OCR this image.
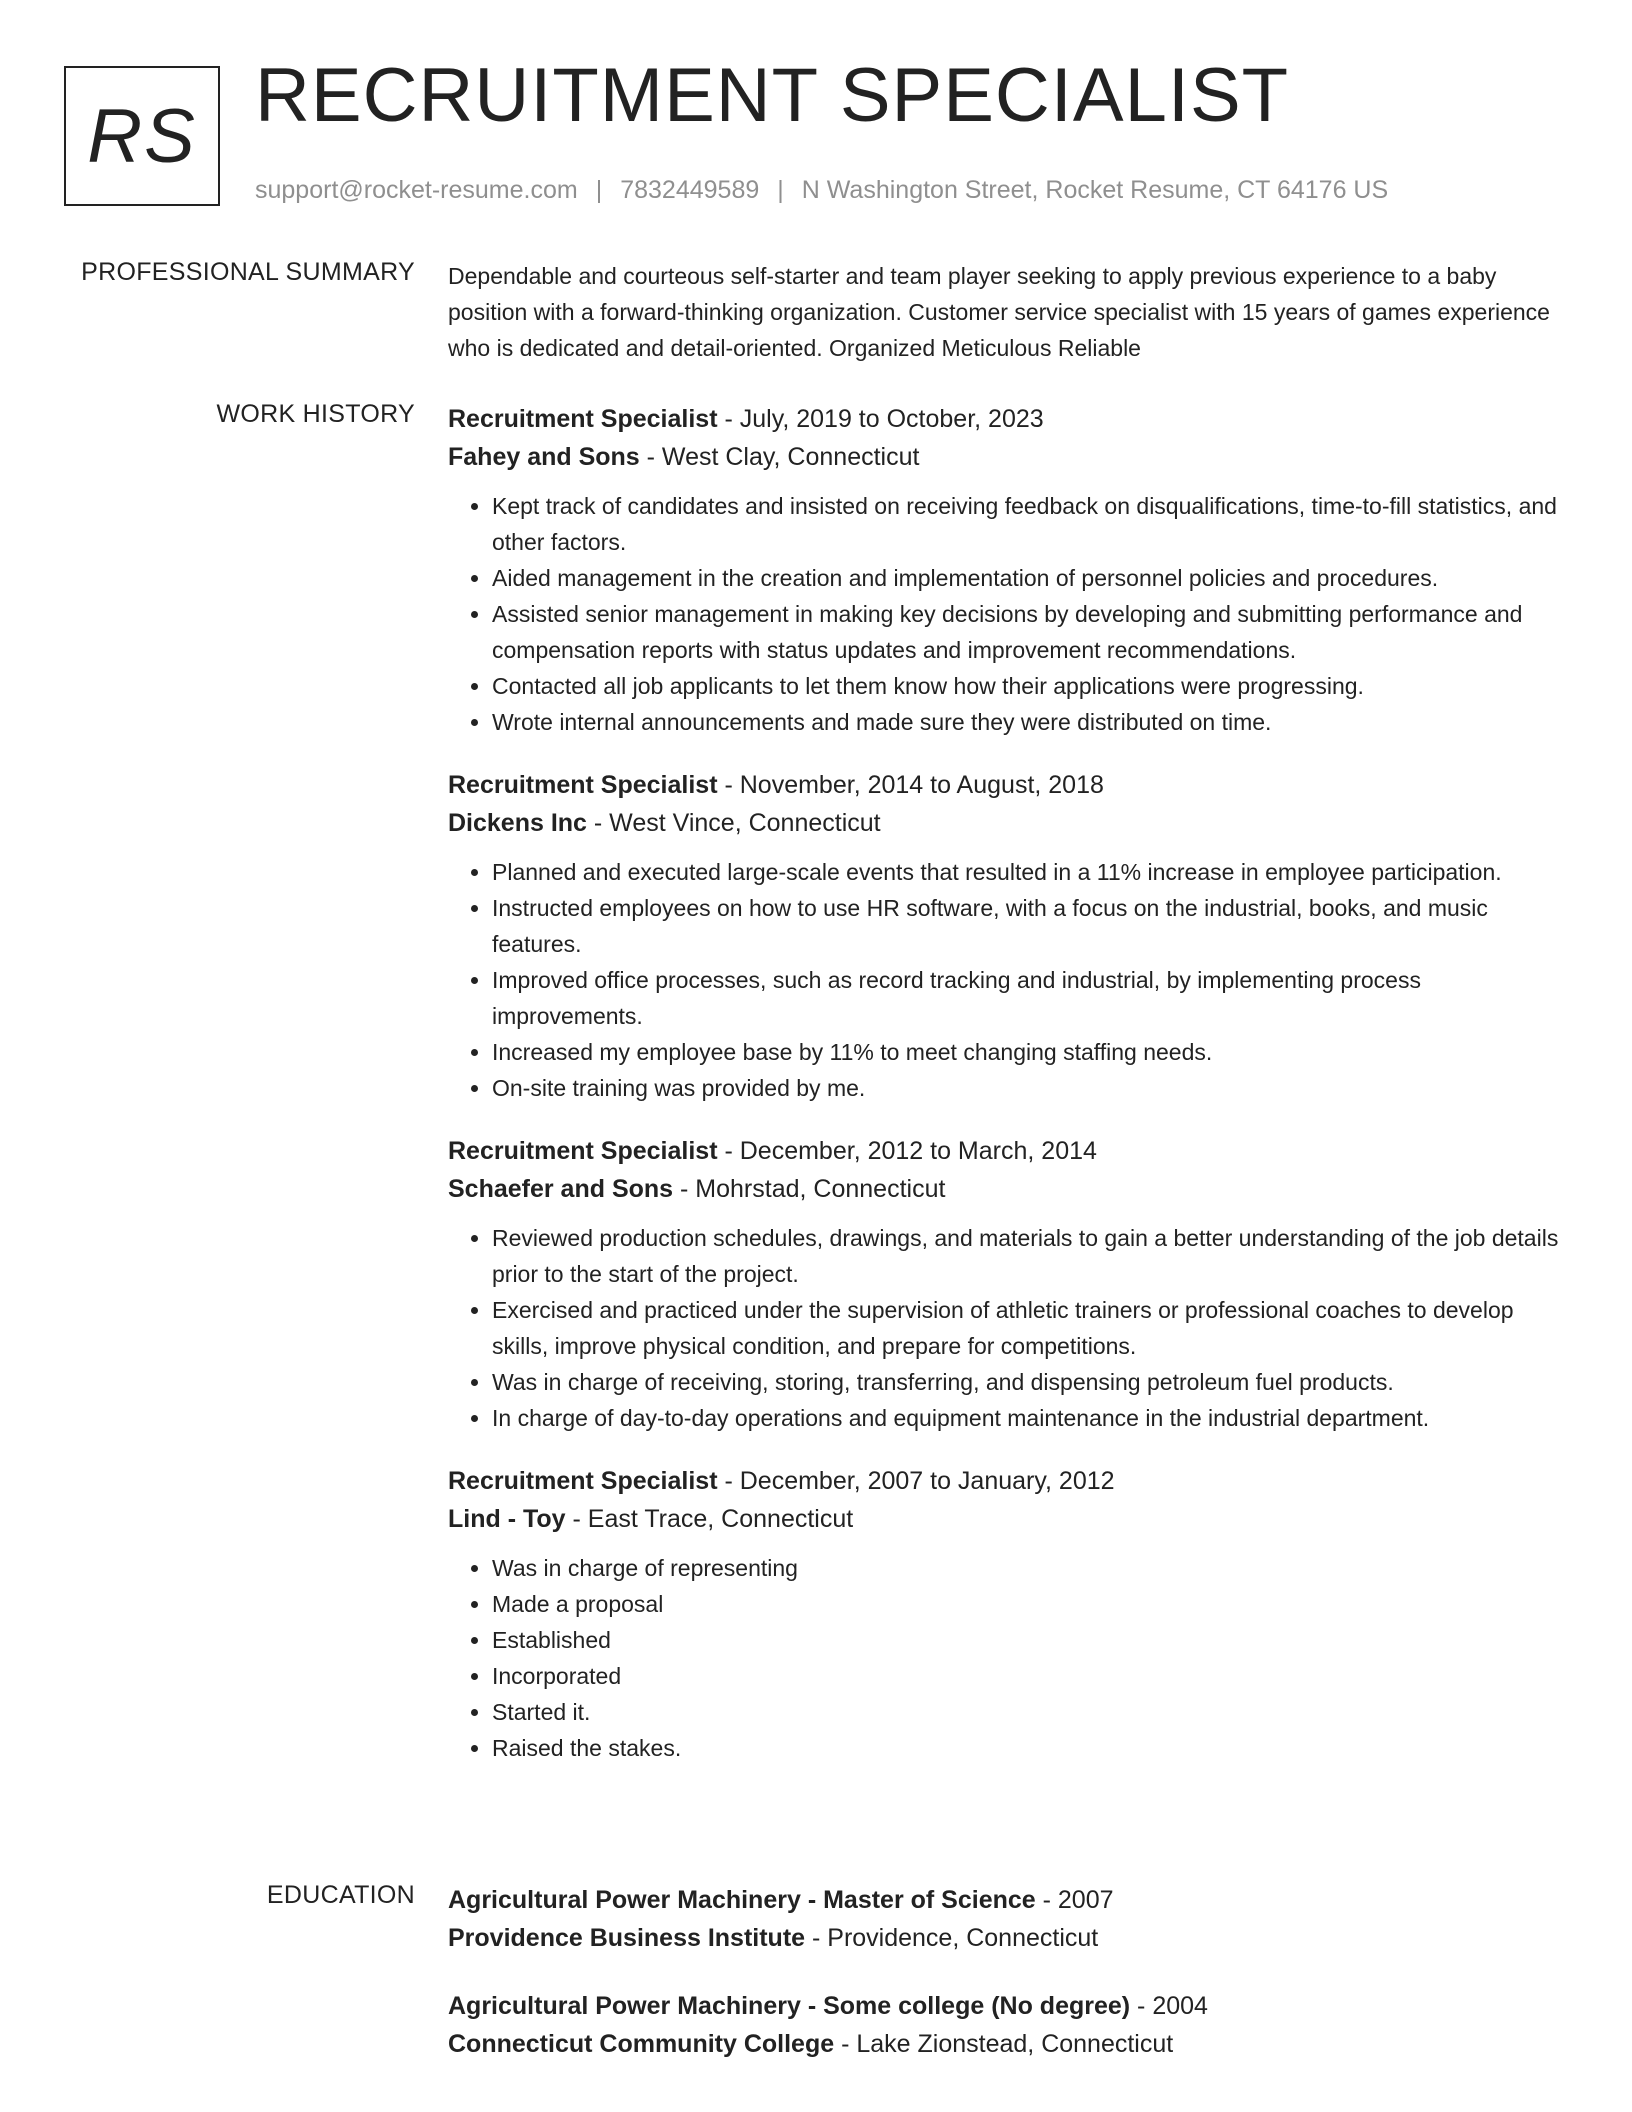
RS RECRUITMENT SPECIALIST
support@rocket-resume.com | 7832449589 | N Washington Street, Rocket Resume, CT 64176 US
PROFESSIONAL SUMMARY Dependable and courteous self-starter and team player seeking to apply previous experience to a baby position with a forward-thinking organization. Customer service specialist with 15 years of games experience who is dedicated and detail-oriented. Organized Meticulous Reliable
WORK HISTORY Recruitment Specialist - July, 2019 to October, 2023
Fahey and Sons - West Clay, Connecticut
• Kept track of candidates and insisted on receiving feedback on disqualifications, time-to-fill statistics, and other factors.
• Aided management in the creation and implementation of personnel policies and procedures.
• Assisted senior management in making key decisions by developing and submitting performance and compensation reports with status updates and improvement recommendations.
• Contacted all job applicants to let them know how their applications were progressing.
• Wrote internal announcements and made sure they were distributed on time.
Recruitment Specialist - November, 2014 to August, 2018
Dickens Inc - West Vince, Connecticut
• Planned and executed large-scale events that resulted in a 11% increase in employee participation.
• Instructed employees on how to use HR software, with a focus on the industrial, books, and music features.
• Improved office processes, such as record tracking and industrial, by implementing process improvements.
• Increased my employee base by 11% to meet changing staffing needs.
• On-site training was provided by me.
Recruitment Specialist - December, 2012 to March, 2014
Schaefer and Sons - Mohrstad, Connecticut
• Reviewed production schedules, drawings, and materials to gain a better understanding of the job details prior to the start of the project.
• Exercised and practiced under the supervision of athletic trainers or professional coaches to develop skills, improve physical condition, and prepare for competitions.
• Was in charge of receiving, storing, transferring, and dispensing petroleum fuel products.
• In charge of day-to-day operations and equipment maintenance in the industrial department.
Recruitment Specialist - December, 2007 to January, 2012
Lind - Toy - East Trace, Connecticut
• Was in charge of representing
• Made a proposal
• Established
• Incorporated
• Started it.
• Raised the stakes.
EDUCATION Agricultural Power Machinery - Master of Science - 2007
Providence Business Institute - Providence, Connecticut
Agricultural Power Machinery - Some college (No degree) - 2004
Connecticut Community College - Lake Zionstead, Connecticut
